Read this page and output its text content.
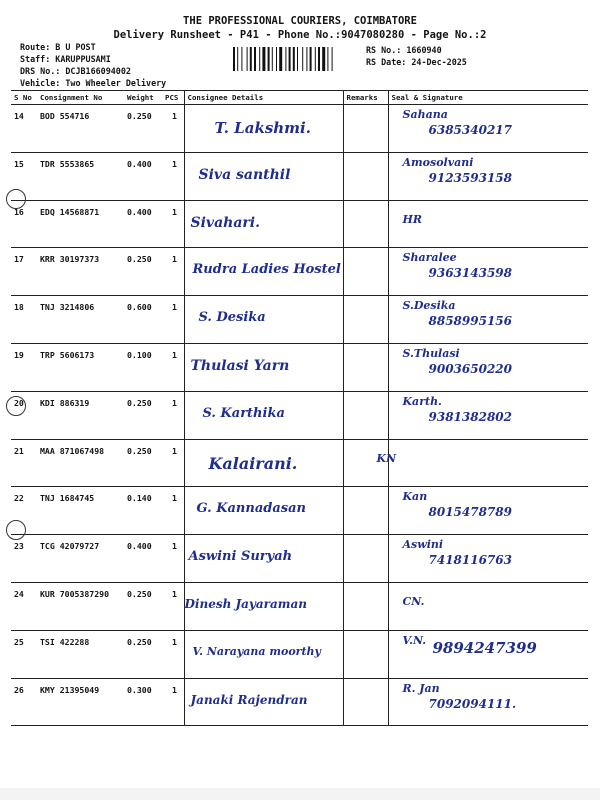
THE PROFESSIONAL COURIERS, COIMBATORE
Delivery Runsheet - P41 - Phone No.:9047080280 - Page No.:2
Route: B U POST
Staff: KARUPPUSAMI
DRS No.: DCJB166094002
Vehicle: Two Wheeler Delivery
RS No.: 1660940
RS Date: 24-Dec-2025
S No	Consignment No	Weight	PCS	Consignee Details	Remarks	Seal & Signature
14	BOD 554716	0.250	1	T. Lakshmi.		Sahana
6385340217

15	TDR 5553865	0.400	1	Siva santhil		Amosolvani
9123593158

16	EDQ 14568871	0.400	1	Sivahari.		HR

17	KRR 30197373	0.250	1	Rudra Ladies Hostel		Sharalee
9363143598

18	TNJ 3214806	0.600	1	S. Desika		S.Desika
8858995156

19	TRP 5606173	0.100	1	Thulasi Yarn		S.Thulasi
9003650220

20	KDI 886319	0.250	1	S. Karthika		Karth.
9381382802

21	MAA 871067498	0.250	1	Kalairani.		KN

22	TNJ 1684745	0.140	1	G. Kannadasan		Kan
8015478789

23	TCG 42079727	0.400	1	Aswini Suryah		Aswini
7418116763

24	KUR 7005387290	0.250	1	Dinesh Jayaraman		CN.

25	TSI 422288	0.250	1	V. Narayana moorthy		V.N. 9894247399

26	KMY 21395049	0.300	1	Janaki Rajendran		R. Jan
7092094111.
